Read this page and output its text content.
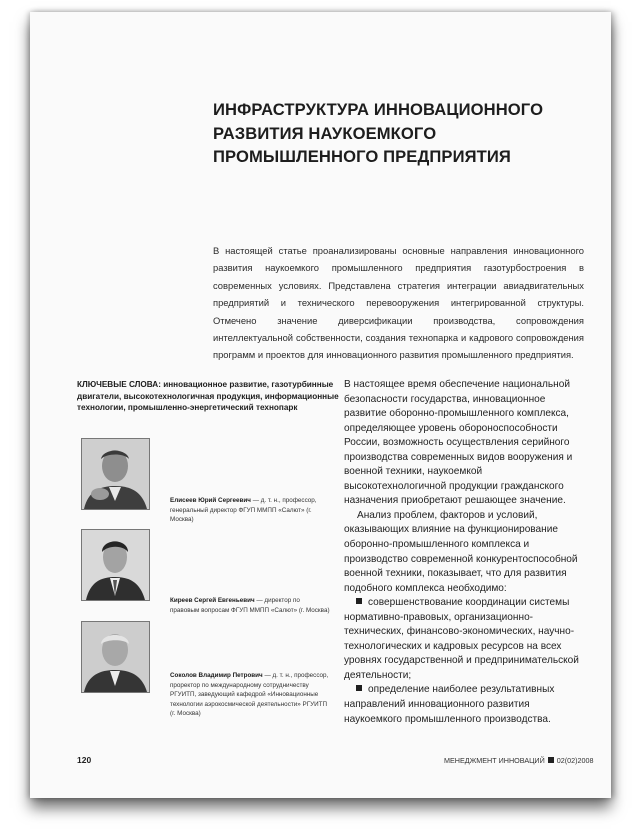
ИНФРАСТРУКТУРА ИННОВАЦИОННОГО РАЗВИТИЯ НАУКОЕМКОГО ПРОМЫШЛЕННОГО ПРЕДПРИЯТИЯ

В настоящей статье проанализированы основные направления инновационного развития наукоемкого промышленного предприятия газотурбостроения в современных условиях. Представлена стратегия интеграции авиадвигательных предприятий и технического перевооружения интегрированной структуры. Отмечено значение диверсификации производства, сопровождения интеллектуальной собственности, создания технопарка и кадрового сопровождения программ и проектов для инновационного развития промышленного предприятия.

КЛЮЧЕВЫЕ СЛОВА: инновационное развитие, газотурбинные двигатели, высокотехнологичная продукция, информационные технологии, промышленно-энергетический технопарк

Елисеев Юрий Сергеевич — д. т. н., профессор, генеральный директор ФГУП ММПП «Салют» (г. Москва)

Киреев Сергей Евгеньевич — директор по правовым вопросам ФГУП ММПП «Салют» (г. Москва)

Соколов Владимир Петрович — д. т. н., профессор, проректор по международному сотрудничеству РГУИТП, заведующий кафедрой «Инновационные технологии аэрокосмической деятельности» РГУИТП (г. Москва)

В настоящее время обеспечение национальной безопасности государства, инновационное развитие оборонно-промышленного комплекса, определяющее уровень обороноспособности России, возможность осуществления серийного производства современных видов вооружения и военной техники, наукоемкой высокотехнологичной продукции гражданского назначения приобретают решающее значение.

Анализ проблем, факторов и условий, оказывающих влияние на функционирование оборонно-промышленного комплекса и производство современной конкурентоспособной военной техники, показывает, что для развития подобного комплекса необходимо:

совершенствование координации системы нормативно-правовых, организационно-технических, финансово-экономических, научно-технологических и кадровых ресурсов на всех уровнях государственной и предпринимательской деятельности;

определение наиболее результативных направлений инновационного развития наукоемкого промышленного производства.

120	МЕНЕДЖМЕНТ ИННОВАЦИЙ 02(02)2008
